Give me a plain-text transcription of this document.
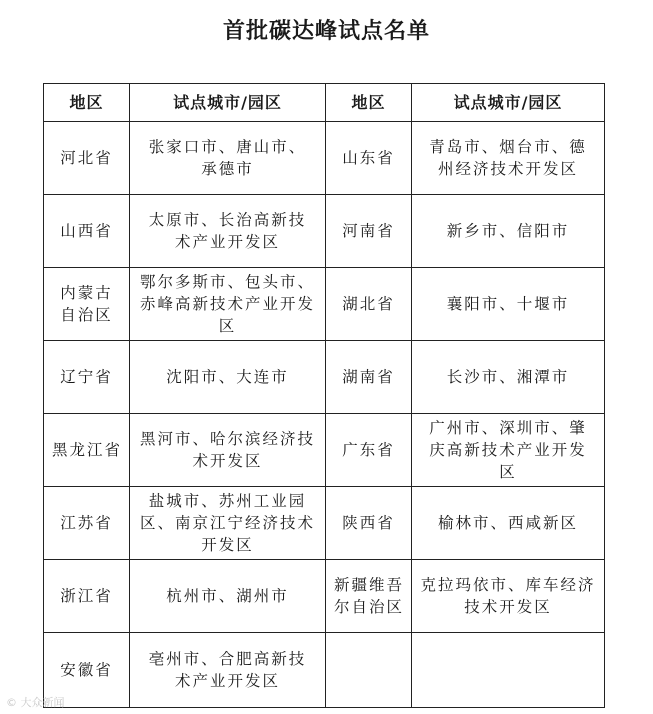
首批碳达峰试点名单
地区	试点城市/园区	地区	试点城市/园区
河北省	张家口市、唐山市、承德市	山东省	青岛市、烟台市、德州经济技术开发区
山西省	太原市、长治高新技术产业开发区	河南省	新乡市、信阳市
内蒙古自治区	鄂尔多斯市、包头市、赤峰高新技术产业开发区	湖北省	襄阳市、十堰市
辽宁省	沈阳市、大连市	湖南省	长沙市、湘潭市
黑龙江省	黑河市、哈尔滨经济技术开发区	广东省	广州市、深圳市、肇庆高新技术产业开发区
江苏省	盐城市、苏州工业园区、南京江宁经济技术开发区	陕西省	榆林市、西咸新区
浙江省	杭州市、湖州市	新疆维吾尔自治区	克拉玛依市、库车经济技术开发区
安徽省	亳州市、合肥高新技术产业开发区		
© 大众新闻
